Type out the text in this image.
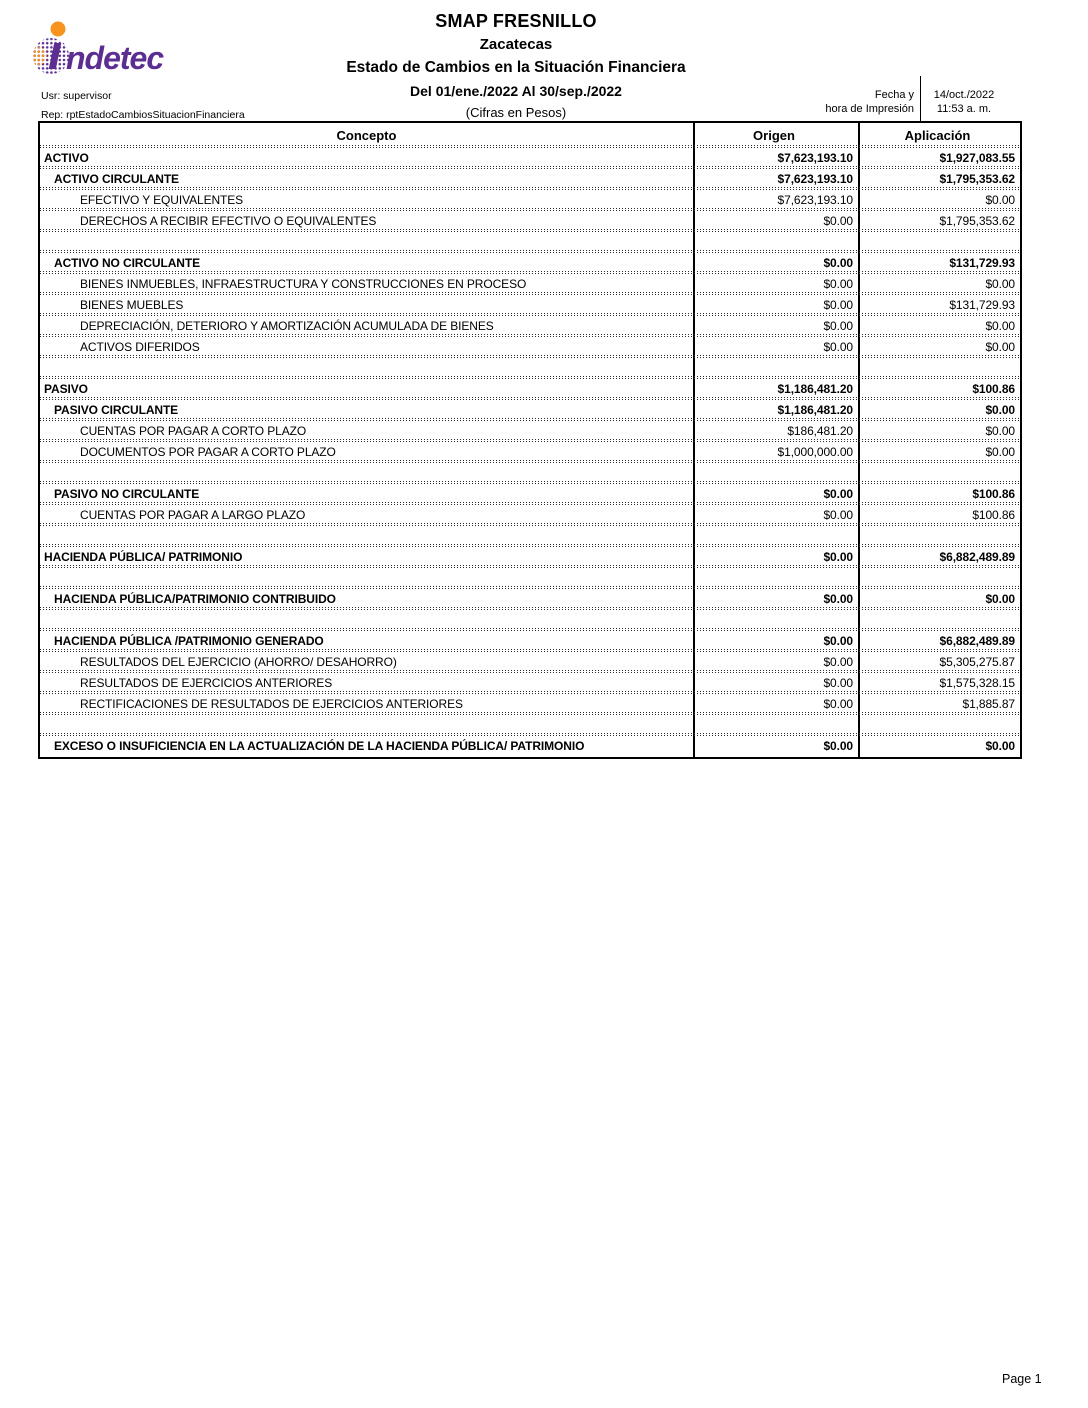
ndetec
SMAP FRESNILLO
Zacatecas
Estado de Cambios en la Situación Financiera
Del 01/ene./2022 Al 30/sep./2022
(Cifras en Pesos)
Usr: supervisor
Rep: rptEstadoCambiosSituacionFinanciera
Fecha y
hora de Impresión
14/oct./2022
11:53 a. m.
Concepto	Origen	Aplicación
ACTIVO	$7,623,193.10	$1,927,083.55
ACTIVO CIRCULANTE	$7,623,193.10	$1,795,353.62
EFECTIVO Y EQUIVALENTES	$7,623,193.10	$0.00
DERECHOS A RECIBIR EFECTIVO O EQUIVALENTES	$0.00	$1,795,353.62
ACTIVO NO CIRCULANTE	$0.00	$131,729.93
BIENES INMUEBLES, INFRAESTRUCTURA Y CONSTRUCCIONES EN PROCESO	$0.00	$0.00
BIENES MUEBLES	$0.00	$131,729.93
DEPRECIACIÓN, DETERIORO Y AMORTIZACIÓN ACUMULADA DE BIENES	$0.00	$0.00
ACTIVOS DIFERIDOS	$0.00	$0.00
PASIVO	$1,186,481.20	$100.86
PASIVO CIRCULANTE	$1,186,481.20	$0.00
CUENTAS POR PAGAR A CORTO PLAZO	$186,481.20	$0.00
DOCUMENTOS POR PAGAR A CORTO PLAZO	$1,000,000.00	$0.00
PASIVO NO CIRCULANTE	$0.00	$100.86
CUENTAS POR PAGAR A LARGO PLAZO	$0.00	$100.86
HACIENDA PÚBLICA/ PATRIMONIO	$0.00	$6,882,489.89
HACIENDA PÚBLICA/PATRIMONIO CONTRIBUIDO	$0.00	$0.00
HACIENDA PÚBLICA /PATRIMONIO GENERADO	$0.00	$6,882,489.89
RESULTADOS DEL EJERCICIO (AHORRO/ DESAHORRO)	$0.00	$5,305,275.87
RESULTADOS DE EJERCICIOS ANTERIORES	$0.00	$1,575,328.15
RECTIFICACIONES DE RESULTADOS DE EJERCICIOS ANTERIORES	$0.00	$1,885.87
EXCESO O INSUFICIENCIA EN LA ACTUALIZACIÓN DE LA HACIENDA PÚBLICA/ PATRIMONIO	$0.00	$0.00
Page 1
